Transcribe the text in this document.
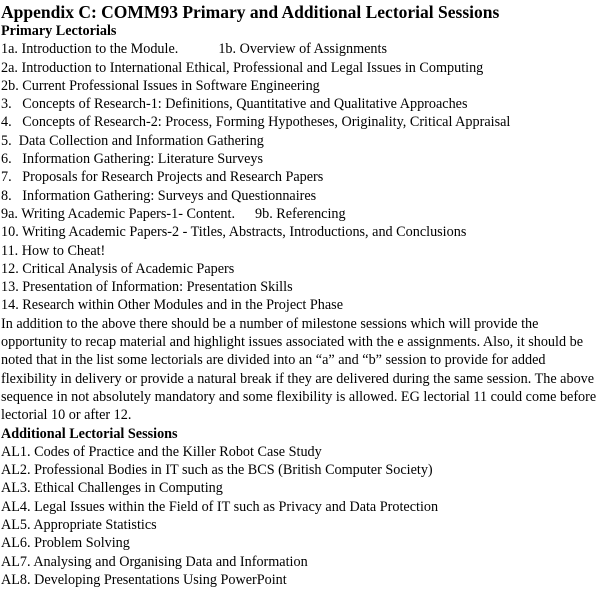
Appendix C: COMM93 Primary and Additional Lectorial Sessions
Primary Lectorials
1a. Introduction to the Module.	1b. Overview of Assignments
2a. Introduction to International Ethical, Professional and Legal Issues in Computing
2b. Current Professional Issues in Software Engineering
3.   Concepts of Research-1: Definitions, Quantitative and Qualitative Approaches
4.   Concepts of Research-2: Process, Forming Hypotheses, Originality, Critical Appraisal
5.  Data Collection and Information Gathering
6.   Information Gathering: Literature Surveys
7.   Proposals for Research Projects and Research Papers
8.   Information Gathering: Surveys and Questionnaires
9a. Writing Academic Papers-1- Content. 9b. Referencing
10. Writing Academic Papers-2 - Titles, Abstracts, Introductions, and Conclusions
11. How to Cheat!
12. Critical Analysis of Academic Papers
13. Presentation of Information: Presentation Skills
14. Research within Other Modules and in the Project Phase
In addition to the above there should be a number of milestone sessions which will provide the opportunity to recap material and highlight issues associated with the e assignments. Also, it should be noted that in the list some lectorials are divided into an “a” and “b” session to provide for added flexibility in delivery or provide a natural break if they are delivered during the same session. The above sequence in not absolutely mandatory and some flexibility is allowed. EG lectorial 11 could come before lectorial 10 or after 12.
Additional Lectorial Sessions
AL1. Codes of Practice and the Killer Robot Case Study
AL2. Professional Bodies in IT such as the BCS (British Computer Society)
AL3. Ethical Challenges in Computing
AL4. Legal Issues within the Field of IT such as Privacy and Data Protection
AL5. Appropriate Statistics
AL6. Problem Solving
AL7. Analysing and Organising Data and Information
AL8. Developing Presentations Using PowerPoint
